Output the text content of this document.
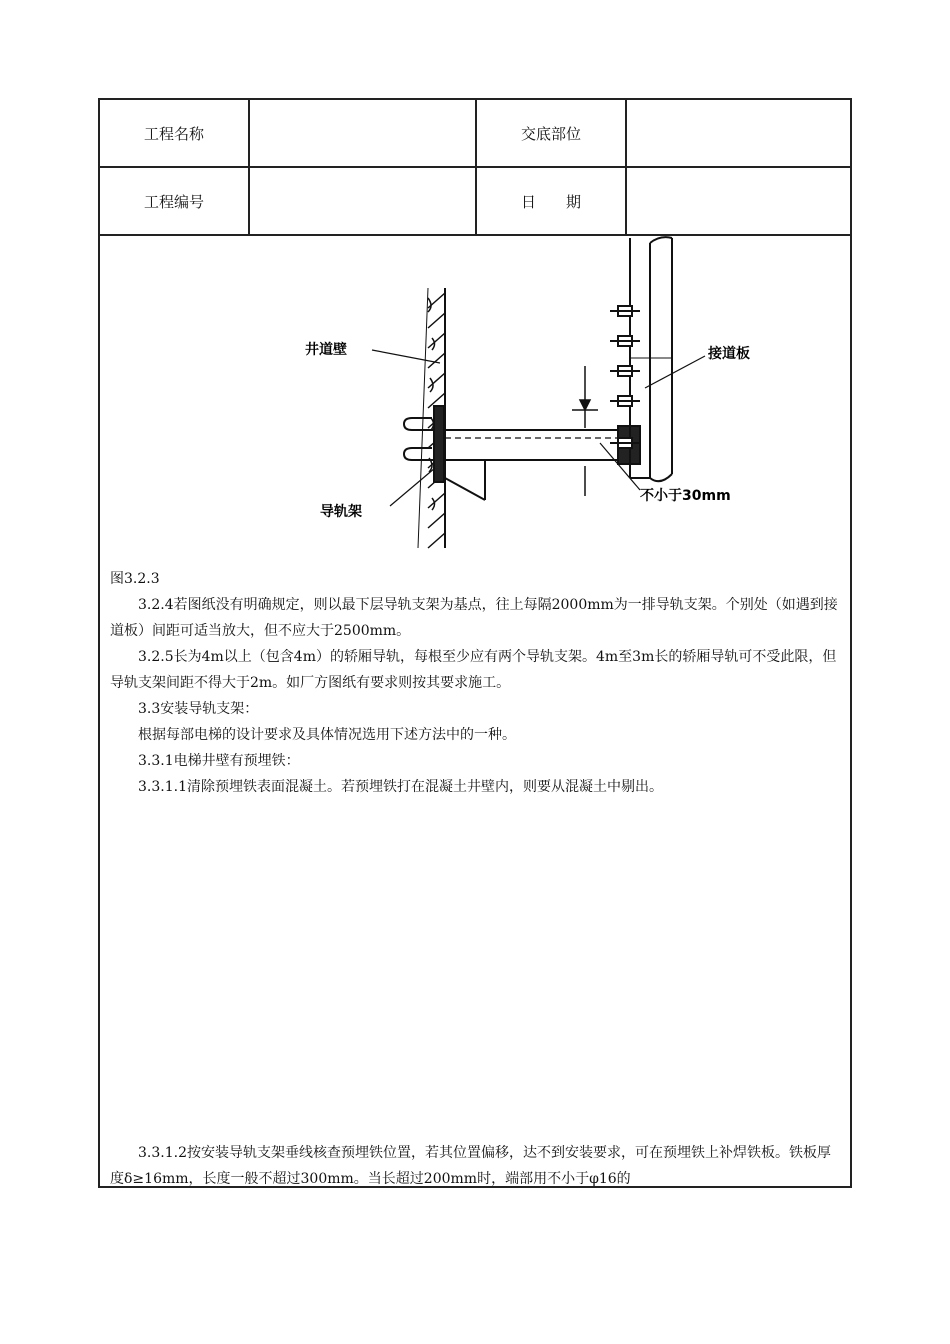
工程名称	交底部位
工程编号	日　　期
井道壁	接道板
导轨架
不小于30mm

图3.2.3

3.2.4若图纸没有明确规定，则以最下层导轨支架为基点，往上每隔2000mm为一排导轨支架。个别处（如遇到接道板）间距可适当放大，但不应大于2500mm。

3.2.5长为4m以上（包含4m）的轿厢导轨，每根至少应有两个导轨支架。4m至3m长的轿厢导轨可不受此限，但导轨支架间距不得大于2m。如厂方图纸有要求则按其要求施工。

3.3安装导轨支架：

根据每部电梯的设计要求及具体情况选用下述方法中的一种。

3.3.1电梯井壁有预埋铁：

3.3.1.1清除预埋铁表面混凝土。若预埋铁打在混凝土井壁内，则要从混凝土中剔出。

3.3.1.2按安装导轨支架垂线核查预埋铁位置，若其位置偏移，达不到安装要求，可在预埋铁上补焊铁板。铁板厚度δ≥16mm，长度一般不超过300mm。当长超过200mm时，端部用不小于φ16的
